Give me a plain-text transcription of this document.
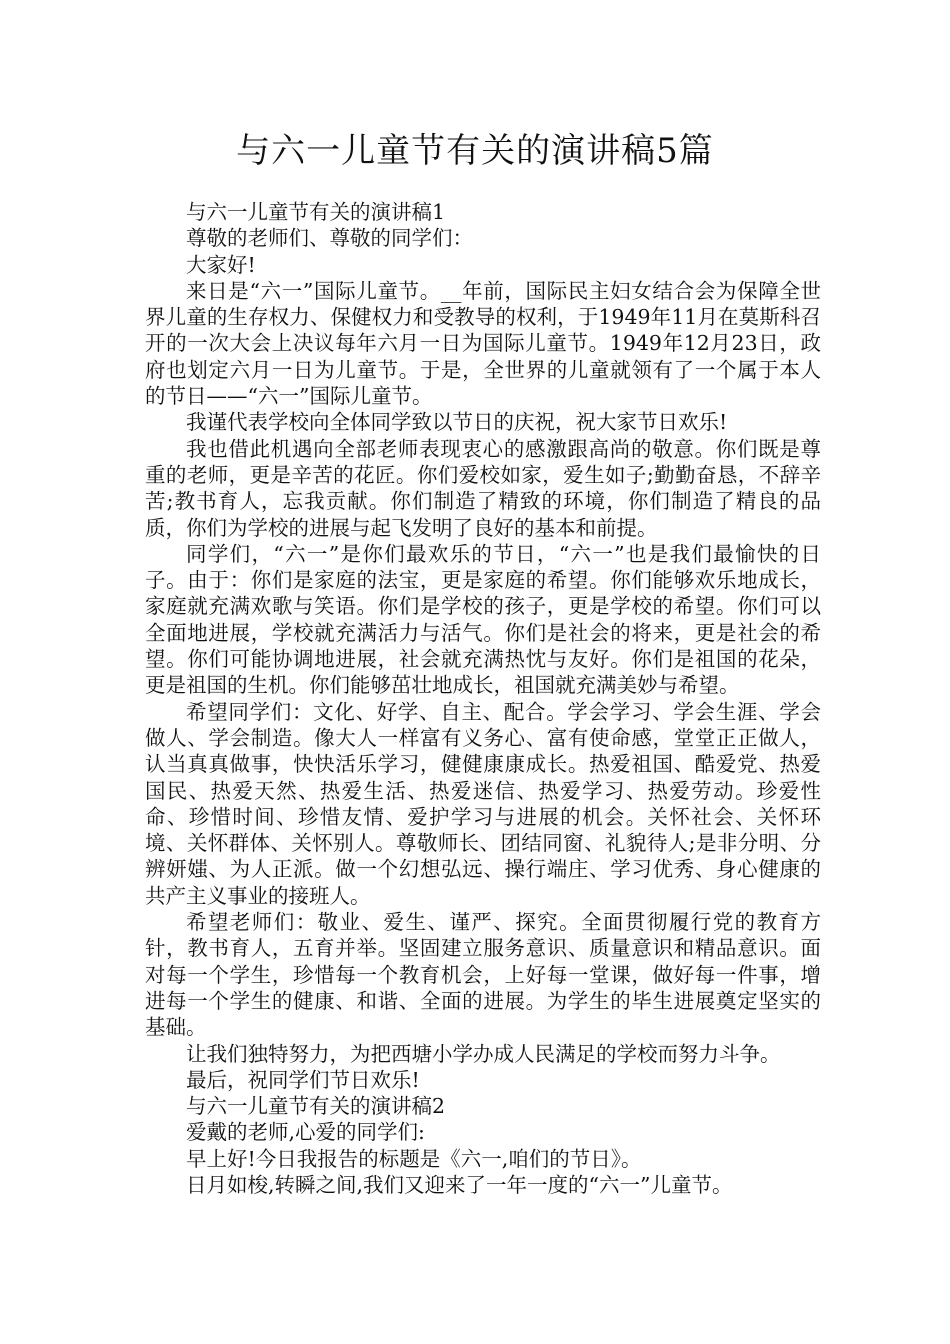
与六一儿童节有关的演讲稿5篇

与六一儿童节有关的演讲稿1

尊敬的老师们、尊敬的同学们：

大家好!

来日是“六一”国际儿童节。__年前，国际民主妇女结合会为保障全世界儿童的生存权力、保健权力和受教导的权利，于1949年11月在莫斯科召开的一次大会上决议每年六月一日为国际儿童节。1949年12月23日，政府也划定六月一日为儿童节。于是，全世界的儿童就领有了一个属于本人的节日——“六一”国际儿童节。

我谨代表学校向全体同学致以节日的庆祝，祝大家节日欢乐!

我也借此机遇向全部老师表现衷心的感激跟高尚的敬意。你们既是尊重的老师，更是辛苦的花匠。你们爱校如家，爱生如子;勤勤奋恳，不辞辛苦;教书育人，忘我贡献。你们制造了精致的环境，你们制造了精良的品质，你们为学校的进展与起飞发明了良好的基本和前提。

同学们，“六一”是你们最欢乐的节日，“六一”也是我们最愉快的日子。由于：你们是家庭的法宝，更是家庭的希望。你们能够欢乐地成长，家庭就充满欢歌与笑语。你们是学校的孩子，更是学校的希望。你们可以全面地进展，学校就充满活力与活气。你们是社会的将来，更是社会的希望。你们可能协调地进展，社会就充满热忱与友好。你们是祖国的花朵，更是祖国的生机。你们能够茁壮地成长，祖国就充满美妙与希望。

希望同学们：文化、好学、自主、配合。学会学习、学会生涯、学会做人、学会制造。像大人一样富有义务心、富有使命感，堂堂正正做人，认当真真做事，快快活乐学习，健健康康成长。热爱祖国、酷爱党、热爱国民、热爱天然、热爱生活、热爱迷信、热爱学习、热爱劳动。珍爱性命、珍惜时间、珍惜友情、爱护学习与进展的机会。关怀社会、关怀环境、关怀群体、关怀别人。尊敬师长、团结同窗、礼貌待人;是非分明、分辨妍媸、为人正派。做一个幻想弘远、操行端庄、学习优秀、身心健康的共产主义事业的接班人。

希望老师们：敬业、爱生、谨严、探究。全面贯彻履行党的教育方针，教书育人，五育并举。坚固建立服务意识、质量意识和精品意识。面对每一个学生，珍惜每一个教育机会，上好每一堂课，做好每一件事，增进每一个学生的健康、和谐、全面的进展。为学生的毕生进展奠定坚实的基础。

让我们独特努力，为把西塘小学办成人民满足的学校而努力斗争。

最后，祝同学们节日欢乐!

与六一儿童节有关的演讲稿2

爱戴的老师,心爱的同学们:

早上好!今日我报告的标题是《六一,咱们的节日》。

日月如梭,转瞬之间,我们又迎来了一年一度的“六一”儿童节。
